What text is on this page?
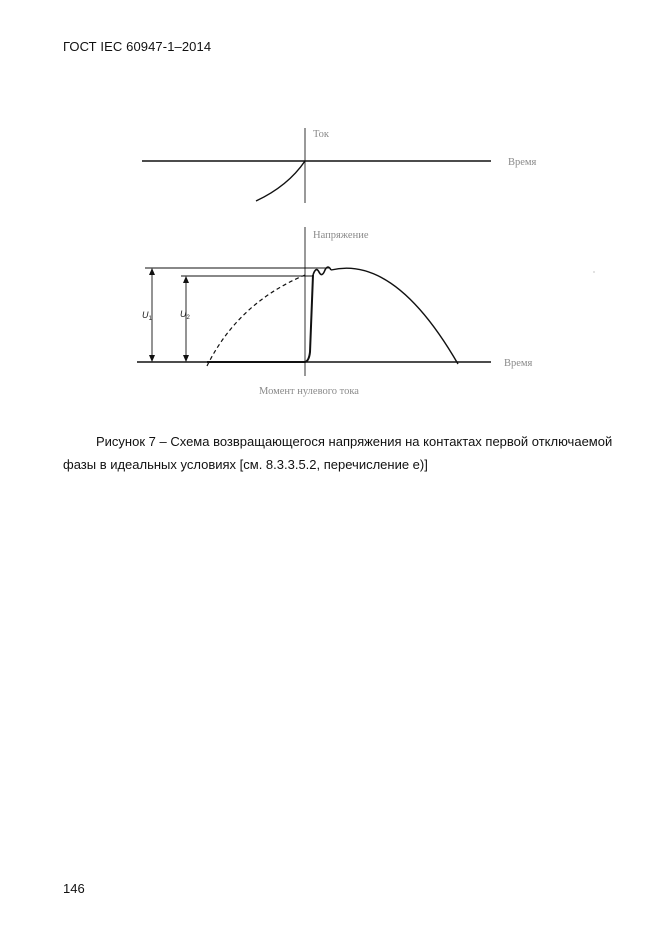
ГОСТ IEC 60947-1–2014
Ток
Время
Напряжение
Время
Момент нулевого тока
$U_1$	$U_2$
Рисунок 7 – Схема возвращающегося напряжения на контактах первой отключаемой
фазы в идеальных условиях [см. 8.3.3.5.2, перечисление е)]
146
